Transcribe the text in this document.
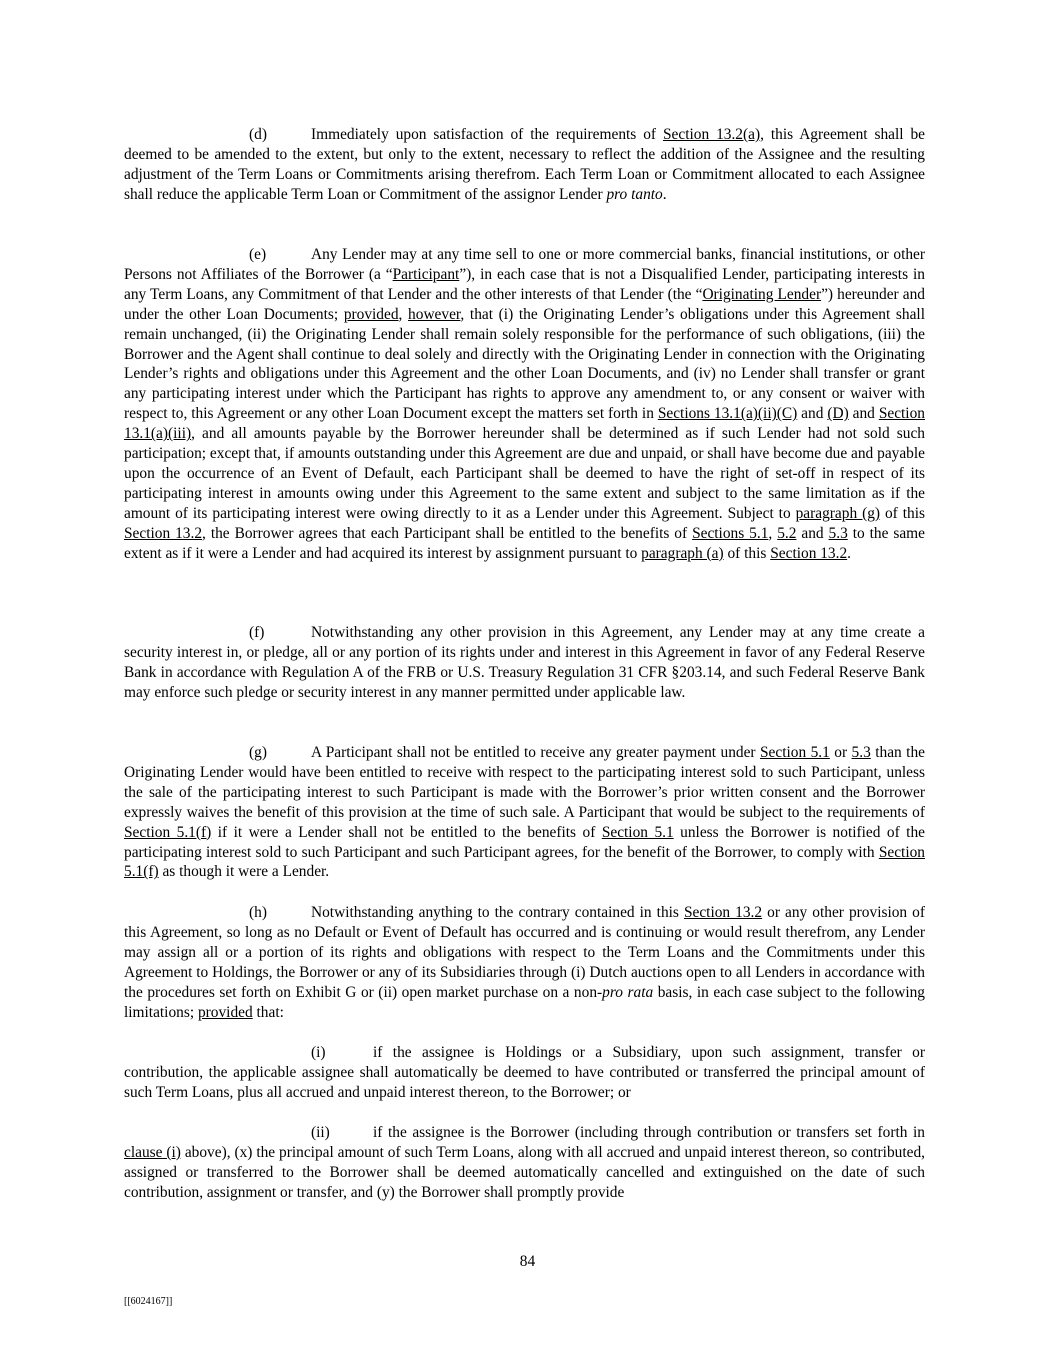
(d)	Immediately upon satisfaction of the requirements of Section 13.2(a), this Agreement shall be deemed to be amended to the extent, but only to the extent, necessary to reflect the addition of the Assignee and the resulting adjustment of the Term Loans or Commitments arising therefrom. Each Term Loan or Commitment allocated to each Assignee shall reduce the applicable Term Loan or Commitment of the assignor Lender pro tanto.

(e)	Any Lender may at any time sell to one or more commercial banks, financial institutions, or other Persons not Affiliates of the Borrower (a “Participant”), in each case that is not a Disqualified Lender, participating interests in any Term Loans, any Commitment of that Lender and the other interests of that Lender (the “Originating Lender”) hereunder and under the other Loan Documents; provided, however, that (i) the Originating Lender’s obligations under this Agreement shall remain unchanged, (ii) the Originating Lender shall remain solely responsible for the performance of such obligations, (iii) the Borrower and the Agent shall continue to deal solely and directly with the Originating Lender in connection with the Originating Lender’s rights and obligations under this Agreement and the other Loan Documents, and (iv) no Lender shall transfer or grant any participating interest under which the Participant has rights to approve any amendment to, or any consent or waiver with respect to, this Agreement or any other Loan Document except the matters set forth in Sections 13.1(a)(ii)(C) and (D) and Section 13.1(a)(iii), and all amounts payable by the Borrower hereunder shall be determined as if such Lender had not sold such participation; except that, if amounts outstanding under this Agreement are due and unpaid, or shall have become due and payable upon the occurrence of an Event of Default, each Participant shall be deemed to have the right of set-off in respect of its participating interest in amounts owing under this Agreement to the same extent and subject to the same limitation as if the amount of its participating interest were owing directly to it as a Lender under this Agreement. Subject to paragraph (g) of this Section 13.2, the Borrower agrees that each Participant shall be entitled to the benefits of Sections 5.1, 5.2 and 5.3 to the same extent as if it were a Lender and had acquired its interest by assignment pursuant to paragraph (a) of this Section 13.2.

(f)	Notwithstanding any other provision in this Agreement, any Lender may at any time create a security interest in, or pledge, all or any portion of its rights under and interest in this Agreement in favor of any Federal Reserve Bank in accordance with Regulation A of the FRB or U.S. Treasury Regulation 31 CFR §203.14, and such Federal Reserve Bank may enforce such pledge or security interest in any manner permitted under applicable law.

(g)	A Participant shall not be entitled to receive any greater payment under Section 5.1 or 5.3 than the Originating Lender would have been entitled to receive with respect to the participating interest sold to such Participant, unless the sale of the participating interest to such Participant is made with the Borrower’s prior written consent and the Borrower expressly waives the benefit of this provision at the time of such sale. A Participant that would be subject to the requirements of Section 5.1(f) if it were a Lender shall not be entitled to the benefits of Section 5.1 unless the Borrower is notified of the participating interest sold to such Participant and such Participant agrees, for the benefit of the Borrower, to comply with Section 5.1(f) as though it were a Lender.

(h)	Notwithstanding anything to the contrary contained in this Section 13.2 or any other provision of this Agreement, so long as no Default or Event of Default has occurred and is continuing or would result therefrom, any Lender may assign all or a portion of its rights and obligations with respect to the Term Loans and the Commitments under this Agreement to Holdings, the Borrower or any of its Subsidiaries through (i) Dutch auctions open to all Lenders in accordance with the procedures set forth on Exhibit G or (ii) open market purchase on a non-pro rata basis, in each case subject to the following limitations; provided that:

(i)	if the assignee is Holdings or a Subsidiary, upon such assignment, transfer or contribution, the applicable assignee shall automatically be deemed to have contributed or transferred the principal amount of such Term Loans, plus all accrued and unpaid interest thereon, to the Borrower; or

(ii)	if the assignee is the Borrower (including through contribution or transfers set forth in clause (i) above), (x) the principal amount of such Term Loans, along with all accrued and unpaid interest thereon, so contributed, assigned or transferred to the Borrower shall be deemed automatically cancelled and extinguished on the date of such contribution, assignment or transfer, and (y) the Borrower shall promptly provide

84
[[6024167]]
